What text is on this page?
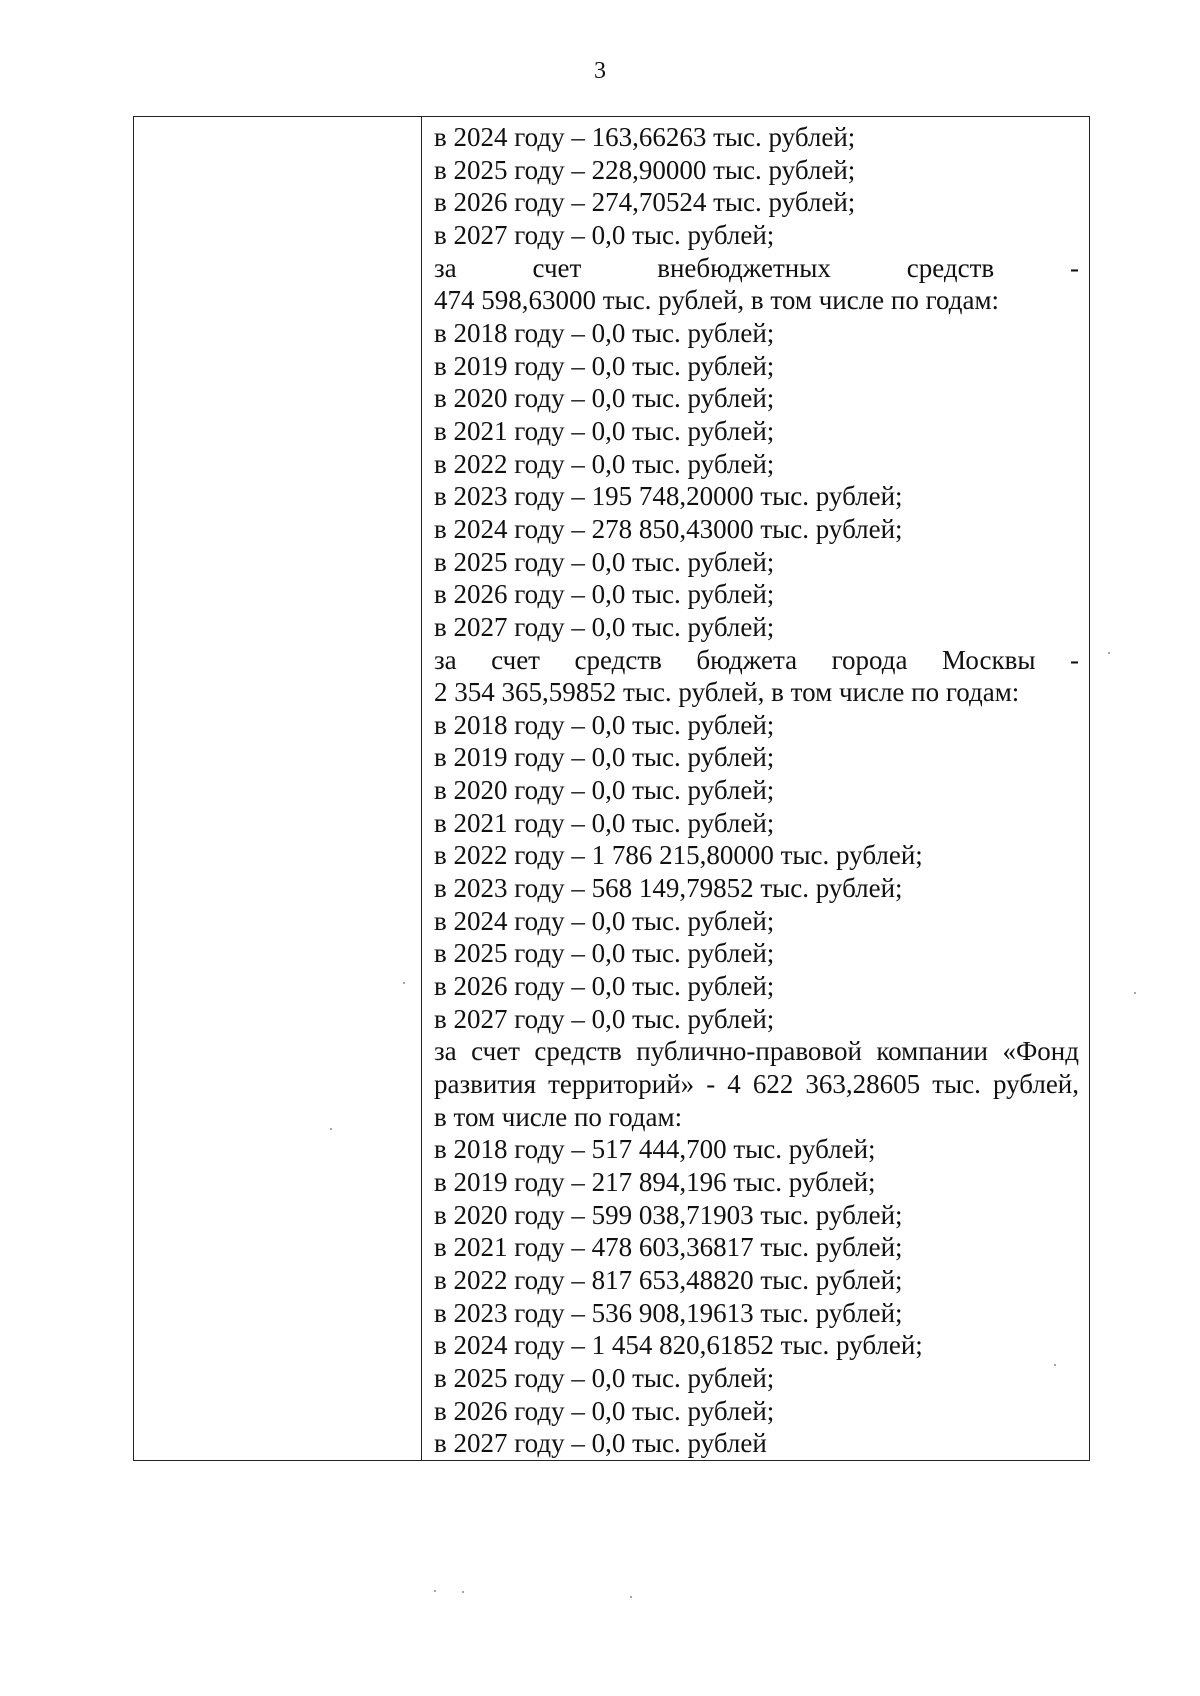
3

в 2024 году – 163,66263 тыс. рублей;
в 2025 году – 228,90000 тыс. рублей;
в 2026 году – 274,70524 тыс. рублей;
в 2027 году – 0,0 тыс. рублей;
за счет внебюджетных средств -
474 598,63000 тыс. рублей, в том числе по годам:
в 2018 году – 0,0 тыс. рублей;
в 2019 году – 0,0 тыс. рублей;
в 2020 году – 0,0 тыс. рублей;
в 2021 году – 0,0 тыс. рублей;
в 2022 году – 0,0 тыс. рублей;
в 2023 году – 195 748,20000 тыс. рублей;
в 2024 году – 278 850,43000 тыс. рублей;
в 2025 году – 0,0 тыс. рублей;
в 2026 году – 0,0 тыс. рублей;
в 2027 году – 0,0 тыс. рублей;
за счет средств бюджета города Москвы -
2 354 365,59852 тыс. рублей, в том числе по годам:
в 2018 году – 0,0 тыс. рублей;
в 2019 году – 0,0 тыс. рублей;
в 2020 году – 0,0 тыс. рублей;
в 2021 году – 0,0 тыс. рублей;
в 2022 году – 1 786 215,80000 тыс. рублей;
в 2023 году – 568 149,79852 тыс. рублей;
в 2024 году – 0,0 тыс. рублей;
в 2025 году – 0,0 тыс. рублей;
в 2026 году – 0,0 тыс. рублей;
в 2027 году – 0,0 тыс. рублей;
за счет средств публично-правовой компании «Фонд
развития территорий» - 4 622 363,28605 тыс. рублей,
в том числе по годам:
в 2018 году – 517 444,700 тыс. рублей;
в 2019 году – 217 894,196 тыс. рублей;
в 2020 году – 599 038,71903 тыс. рублей;
в 2021 году – 478 603,36817 тыс. рублей;
в 2022 году – 817 653,48820 тыс. рублей;
в 2023 году – 536 908,19613 тыс. рублей;
в 2024 году – 1 454 820,61852 тыс. рублей;
в 2025 году – 0,0 тыс. рублей;
в 2026 году – 0,0 тыс. рублей;
в 2027 году – 0,0 тыс. рублей
